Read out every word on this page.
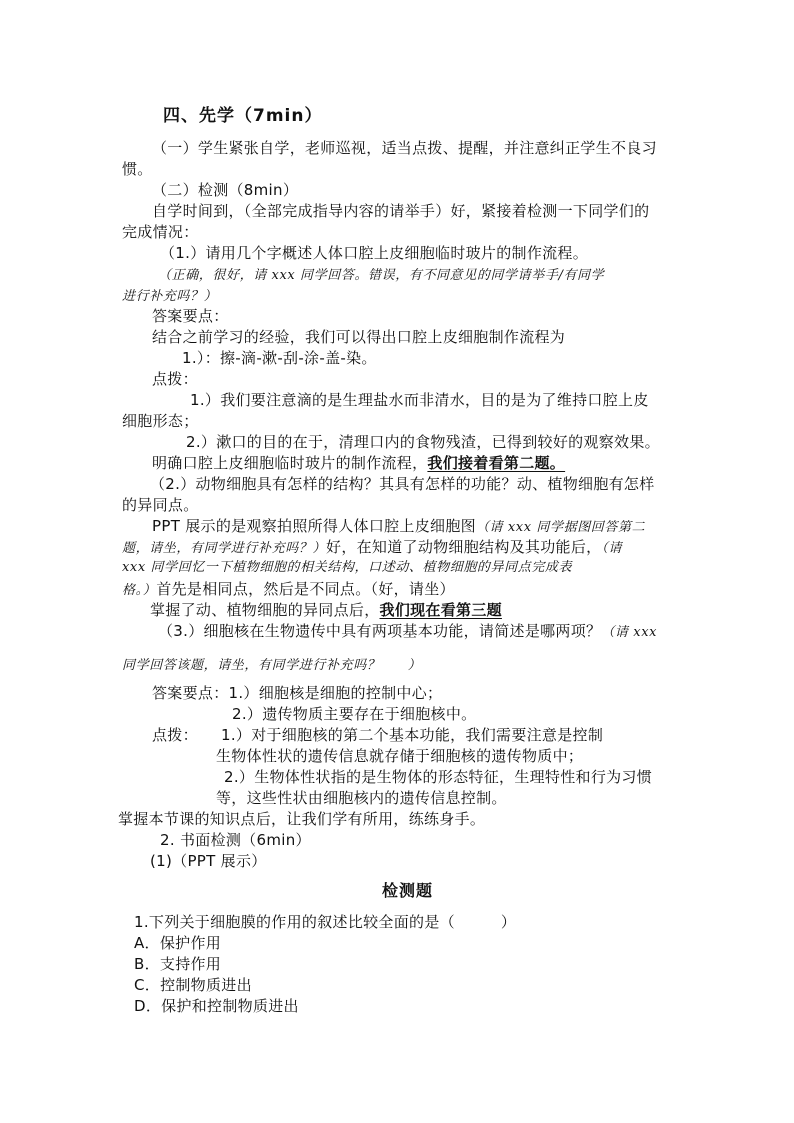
四、先学（7min）
（一）学生紧张自学，老师巡视，适当点拨、提醒，并注意纠正学生不良习
惯。
（二）检测（8min）
自学时间到，（全部完成指导内容的请举手）好，紧接着检测一下同学们的
完成情况：
（1.）请用几个字概述人体口腔上皮细胞临时玻片的制作流程。
（正确，很好，请 xxx 同学回答。错误，有不同意见的同学请举手/有同学
进行补充吗？）
答案要点：
结合之前学习的经验，我们可以得出口腔上皮细胞制作流程为
1.）：擦-滴-漱-刮-涂-盖-染。
点拨：
1.）我们要注意滴的是生理盐水而非清水，目的是为了维持口腔上皮
细胞形态；
2.）漱口的目的在于，清理口内的食物残渣，已得到较好的观察效果。
明确口腔上皮细胞临时玻片的制作流程，我们接着看第二题。
（2.）动物细胞具有怎样的结构？其具有怎样的功能？动、植物细胞有怎样
的异同点。
PPT 展示的是观察拍照所得人体口腔上皮细胞图（请 xxx 同学据图回答第二
题，请坐，有同学进行补充吗？）好，在知道了动物细胞结构及其功能后，（请
xxx 同学回忆一下植物细胞的相关结构，口述动、植物细胞的异同点完成表
格。）首先是相同点，然后是不同点。（好，请坐）
掌握了动、植物细胞的异同点后，我们现在看第三题
（3.）细胞核在生物遗传中具有两项基本功能，请简述是哪两项？（请 xxx
同学回答该题，请坐，有同学进行补充吗？　　）
答案要点：1.）细胞核是细胞的控制中心；
2.）遗传物质主要存在于细胞核中。
点拨：　　1.）对于细胞核的第二个基本功能，我们需要注意是控制
生物体性状的遗传信息就存储于细胞核的遗传物质中；
2.）生物体性状指的是生物体的形态特征，生理特性和行为习惯
等，这些性状由细胞核内的遗传信息控制。
掌握本节课的知识点后，让我们学有所用，练练身手。
2. 书面检测（6min）
(1)（PPT 展示）
检测题
1.下列关于细胞膜的作用的叙述比较全面的是（　　　）
A．保护作用
B．支持作用
C．控制物质进出
D．保护和控制物质进出
